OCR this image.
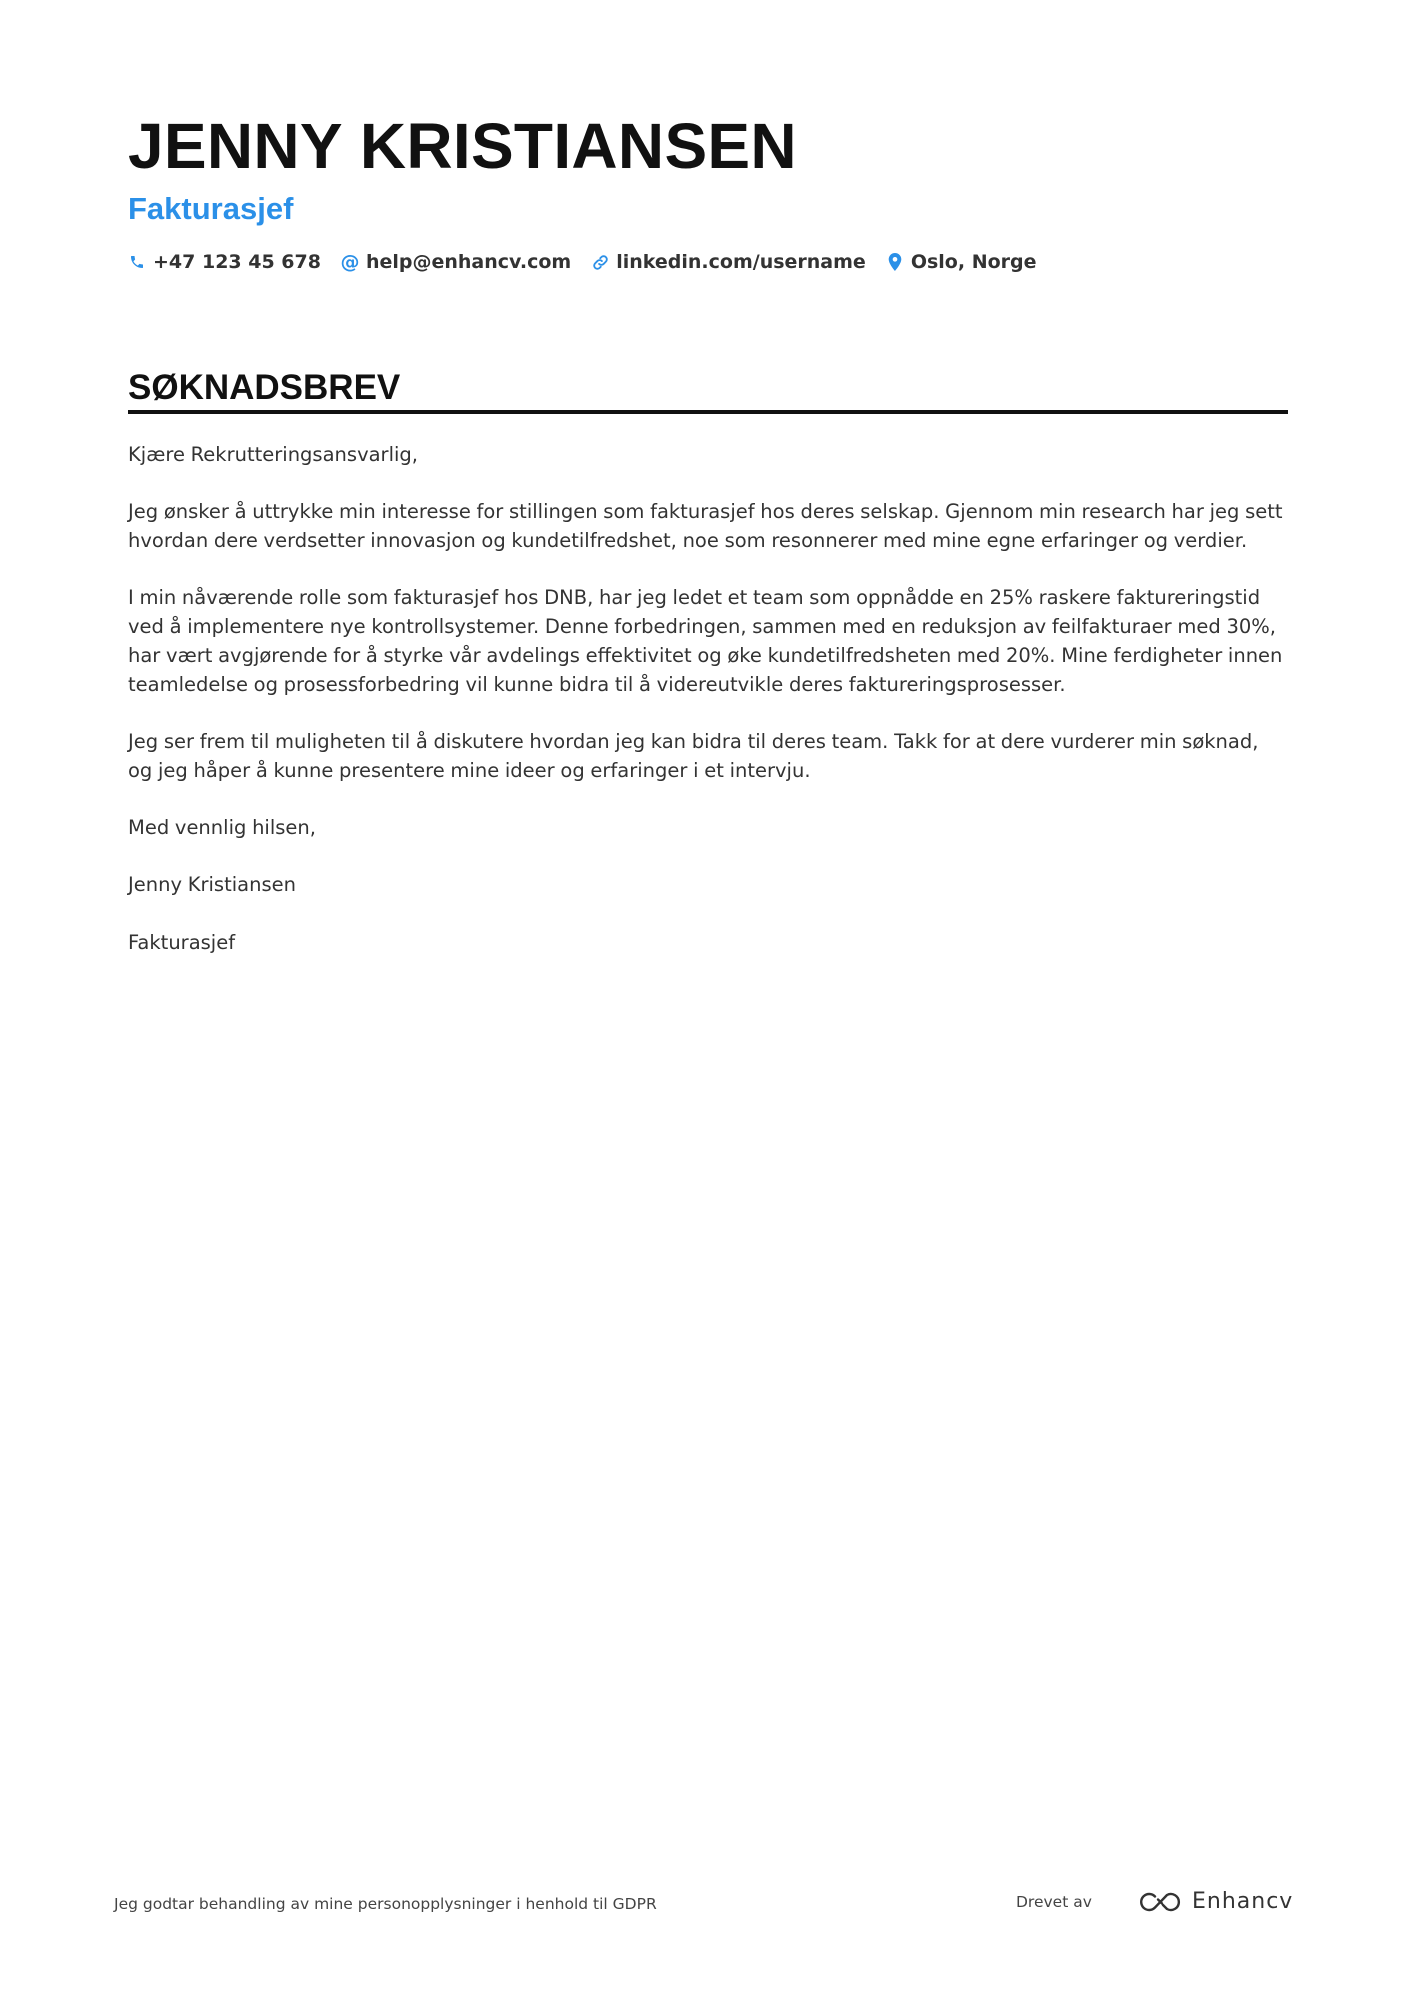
JENNY KRISTIANSEN
Fakturasjef
+47 123 45 678 @ help@enhancv.com linkedin.com/username Oslo, Norge
SØKNADSBREV

Kjære Rekrutteringsansvarlig,

Jeg ønsker å uttrykke min interesse for stillingen som fakturasjef hos deres selskap. Gjennom min research har jeg sett hvordan dere verdsetter innovasjon og kundetilfredshet, noe som resonnerer med mine egne erfaringer og verdier.

I min nåværende rolle som fakturasjef hos DNB, har jeg ledet et team som oppnådde en 25% raskere faktureringstid ved å implementere nye kontrollsystemer. Denne forbedringen, sammen med en reduksjon av feilfakturaer med 30%, har vært avgjørende for å styrke vår avdelings effektivitet og øke kundetilfredsheten med 20%. Mine ferdigheter innen teamledelse og prosessforbedring vil kunne bidra til å videreutvikle deres faktureringsprosesser.

Jeg ser frem til muligheten til å diskutere hvordan jeg kan bidra til deres team. Takk for at dere vurderer min søknad, og jeg håper å kunne presentere mine ideer og erfaringer i et intervju.

Med vennlig hilsen,

Jenny Kristiansen

Fakturasjef

Jeg godtar behandling av mine personopplysninger i henhold til GDPR	Drevet av	Enhancv
